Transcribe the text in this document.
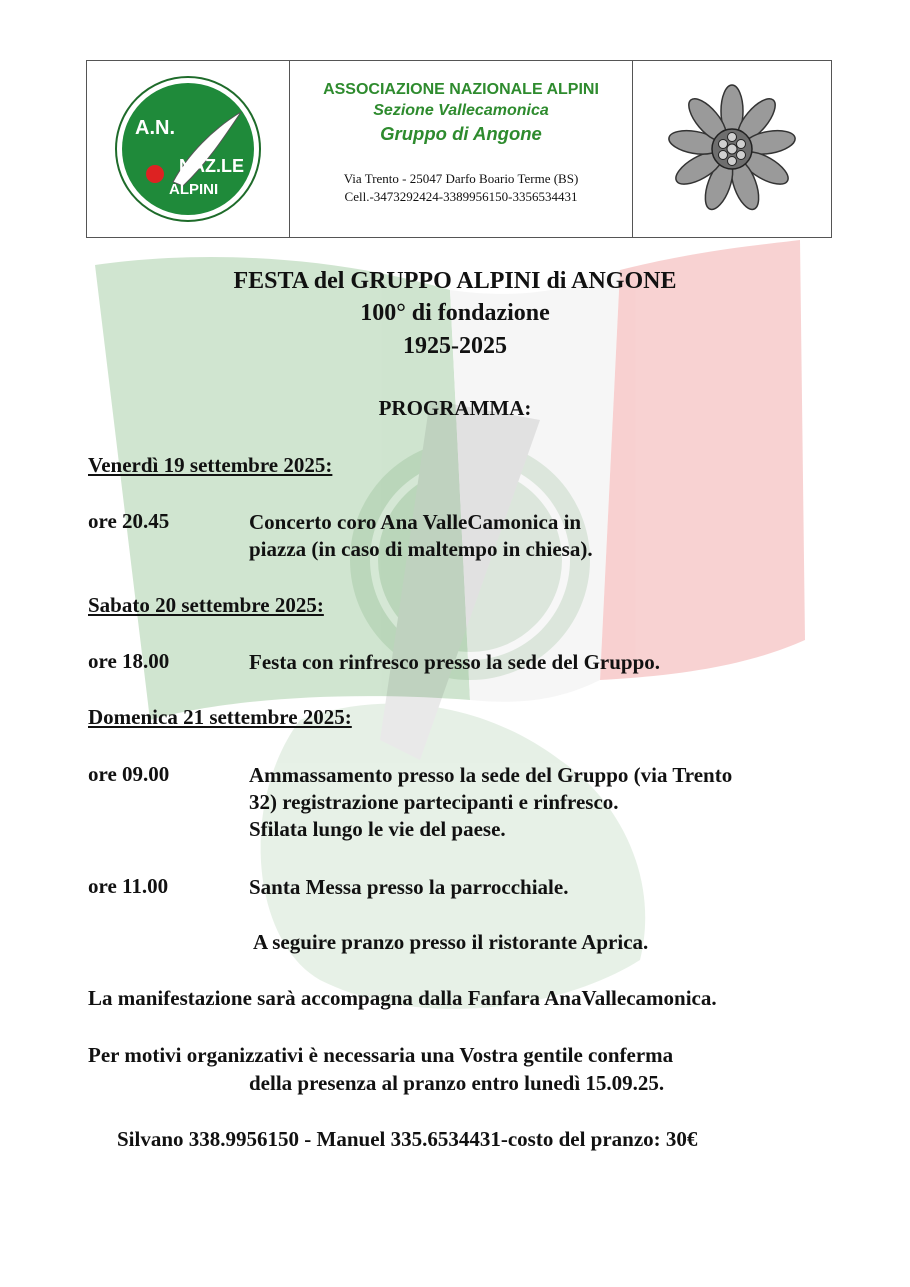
A.N.
NAZ.LE
ALPINI
ASSOCIAZIONE NAZIONALE ALPINI
Sezione Vallecamonica
Gruppo di Angone
Via Trento - 25047 Darfo Boario Terme (BS)
Cell.-3473292424-3389956150-3356534431
FESTA del GRUPPO ALPINI di ANGONE
100° di fondazione
1925-2025
PROGRAMMA:
Venerdì 19 settembre 2025:
ore 20.45	Concerto coro Ana ValleCamonica in
piazza (in caso di maltempo in chiesa).
Sabato 20 settembre 2025:
ore 18.00	Festa con rinfresco presso la sede del Gruppo.
Domenica 21 settembre 2025:
ore 09.00	Ammassamento presso la sede del Gruppo (via Trento
32) registrazione partecipanti e rinfresco.
Sfilata lungo le vie del paese.
ore 11.00	Santa Messa presso la parrocchiale.
A seguire pranzo presso il ristorante Aprica.
La manifestazione sarà accompagna dalla Fanfara AnaVallecamonica.
Per motivi organizzativi è necessaria una Vostra gentile conferma
della presenza al pranzo entro lunedì 15.09.25.
Silvano 338.9956150 - Manuel 335.6534431-costo del pranzo: 30€
